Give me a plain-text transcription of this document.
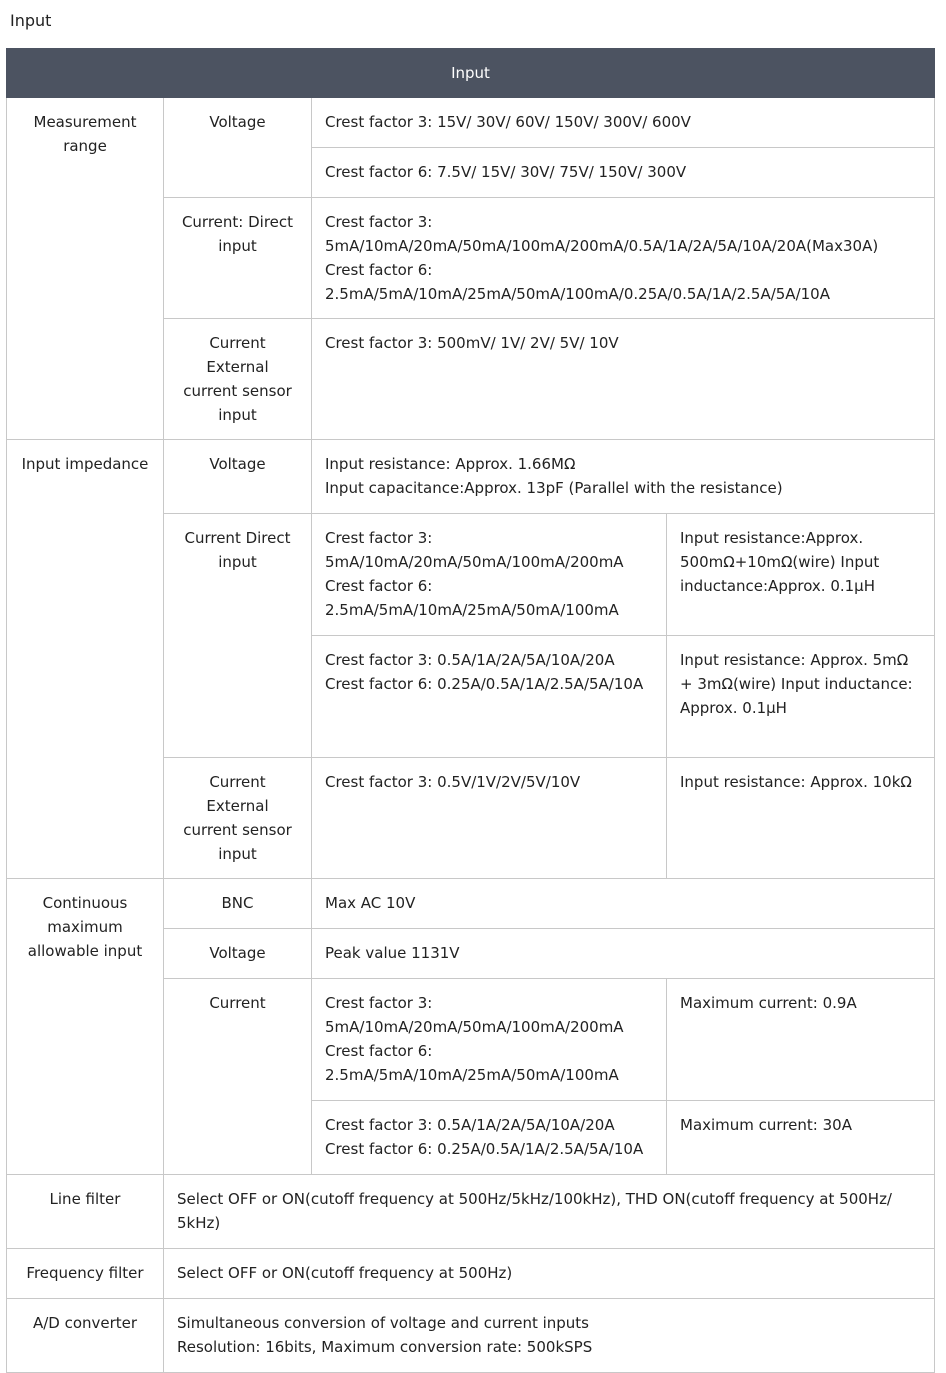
Input
Input			
Measurement range	Voltage	Crest factor 3: 15V/ 30V/ 60V/ 150V/ 300V/ 600V	
		Crest factor 6: 7.5V/ 15V/ 30V/ 75V/ 150V/ 300V	
	Current: Direct input	Crest factor 3:
5mA/10mA/20mA/50mA/100mA/200mA/0.5A/1A/2A/5A/10A/20A(Max30A)
Crest factor 6:
2.5mA/5mA/10mA/25mA/50mA/100mA/0.25A/0.5A/1A/2.5A/5A/10A	

	Current External current sensor input	Crest factor 3: 500mV/ 1V/ 2V/ 5V/ 10V	
Input impedance	Voltage	Input resistance: Approx. 1.66MΩ
Input capacitance:Approx. 13pF (Parallel with the resistance)	

	Current Direct input	Crest factor 3:
5mA/10mA/20mA/50mA/100mA/200mA
Crest factor 6:
2.5mA/5mA/10mA/25mA/50mA/100mA	Input resistance:Approx. 500mΩ+10mΩ(wire) Input inductance:Approx. 0.1μH

		Crest factor 3: 0.5A/1A/2A/5A/10A/20A
Crest factor 6: 0.25A/0.5A/1A/2.5A/5A/10A	Input resistance: Approx. 5mΩ + 3mΩ(wire) Input inductance: Approx. 0.1μH
	Current External current sensor input	Crest factor 3: 0.5V/1V/2V/5V/10V	Input resistance: Approx. 10kΩ
Continuous maximum allowable input	BNC	Max AC 10V	
	Voltage	Peak value 1131V	
	Current	Crest factor 3:
5mA/10mA/20mA/50mA/100mA/200mA
Crest factor 6:
2.5mA/5mA/10mA/25mA/50mA/100mA	Maximum current: 0.9A

		Crest factor 3: 0.5A/1A/2A/5A/10A/20A
Crest factor 6: 0.25A/0.5A/1A/2.5A/5A/10A	Maximum current: 30A
Line filter	Select OFF or ON(cutoff frequency at 500Hz/5kHz/100kHz), THD ON(cutoff frequency at 500Hz/ 5kHz)		
Frequency filter	Select OFF or ON(cutoff frequency at 500Hz)		
A/D converter	Simultaneous conversion of voltage and current inputs
Resolution: 16bits, Maximum conversion rate: 500kSPS		
